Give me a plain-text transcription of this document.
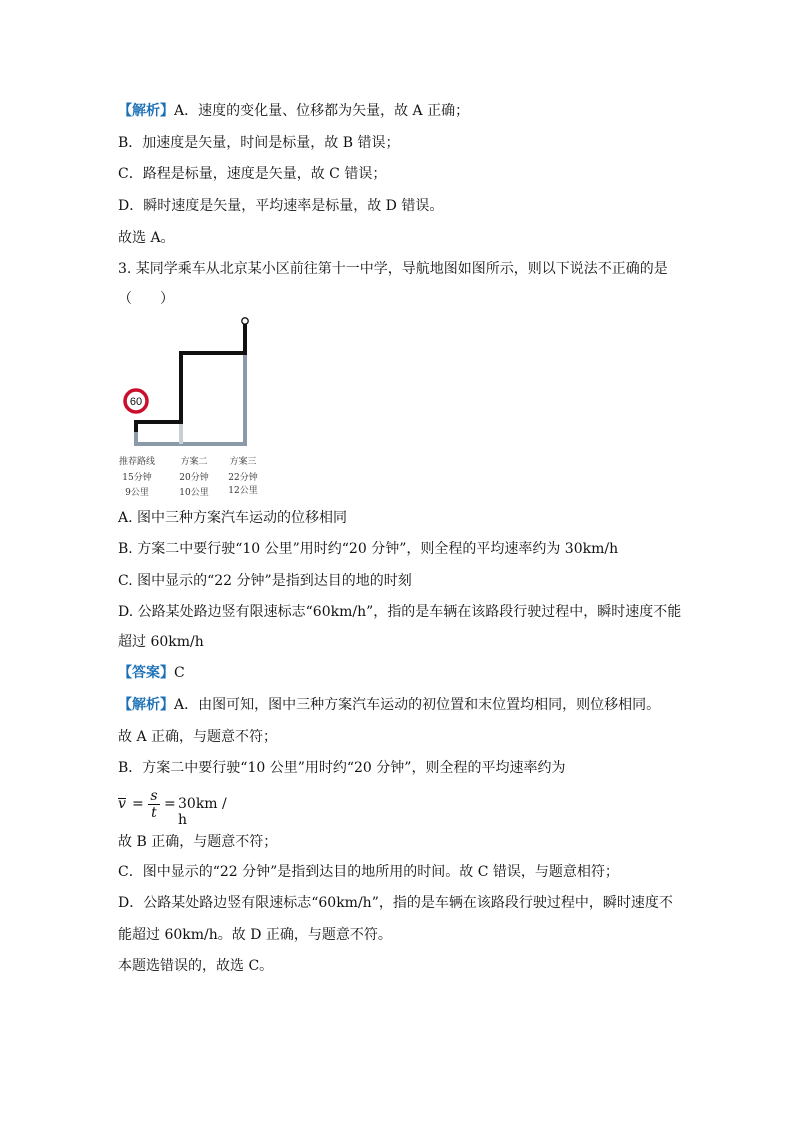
【解析】A．速度的变化量、位移都为矢量，故 A 正确；
B．加速度是矢量，时间是标量，故 B 错误；
C．路程是标量，速度是矢量，故 C 错误；
D．瞬时速度是矢量，平均速率是标量，故 D 错误。
故选 A。
3. 某同学乘车从北京某小区前往第十一中学，导航地图如图所示，则以下说法不正确的是
（　　）
60
推荐路线
15分钟
9公里
方案二
20分钟
10公里
方案三
22分钟
12公里
A. 图中三种方案汽车运动的位移相同
B. 方案二中要行驶“10 公里”用时约“20 分钟”，则全程的平均速率约为 30km/h
C. 图中显示的“22 分钟”是指到达目的地的时刻
D. 公路某处路边竖有限速标志“60km/h”，指的是车辆在该路段行驶过程中，瞬时速度不能
超过 60km/h
【答案】C
【解析】A．由图可知，图中三种方案汽车运动的初位置和末位置均相同，则位移相同。
故 A 正确，与题意不符；
B．方案二中要行驶“10 公里”用时约“20 分钟”，则全程的平均速率约为
v = s
t
= 30km / h
故 B 正确，与题意不符；
C．图中显示的“22 分钟”是指到达目的地所用的时间。故 C 错误，与题意相符；
D．公路某处路边竖有限速标志“60km/h”，指的是车辆在该路段行驶过程中，瞬时速度不
能超过 60km/h。故 D 正确，与题意不符。
本题选错误的，故选 C。
